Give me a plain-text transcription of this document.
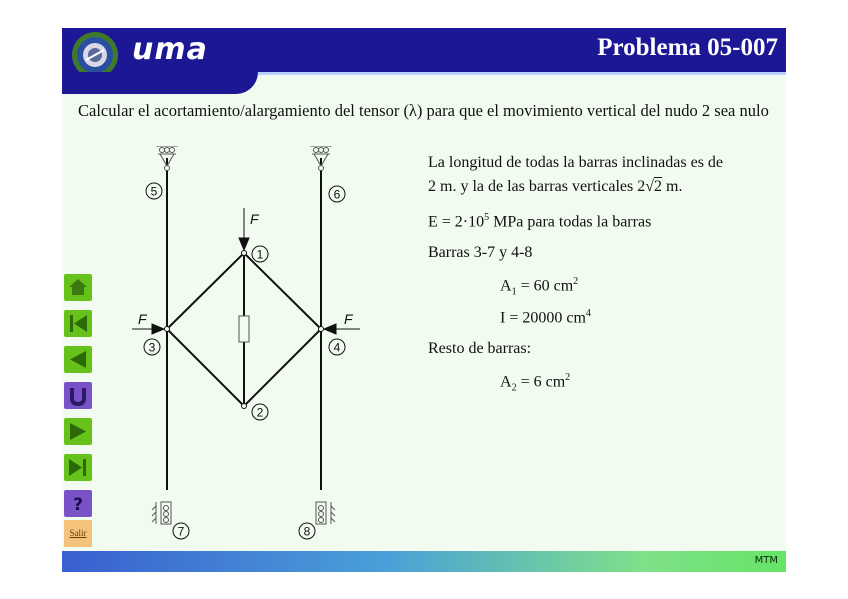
uma	Problema 05-007
Calcular el acortamiento/alargamiento del tensor (λ) para que el movimiento vertical del nudo 2 sea nulo
F
F	F
5	6
1
2
3	4
7	8
La longitud de todas la barras inclinadas es de
2 m. y la de las barras verticales 2√2 m.
$E = 2\cdot 10^5$ MPa para todas la barras
Barras 3-7 y 4-8
$A_1 = 60$ $cm^2$
I = 20000 $cm^4$
Resto de barras:
$A_2 = 6$ $cm^2$
?
Salir
MTM
